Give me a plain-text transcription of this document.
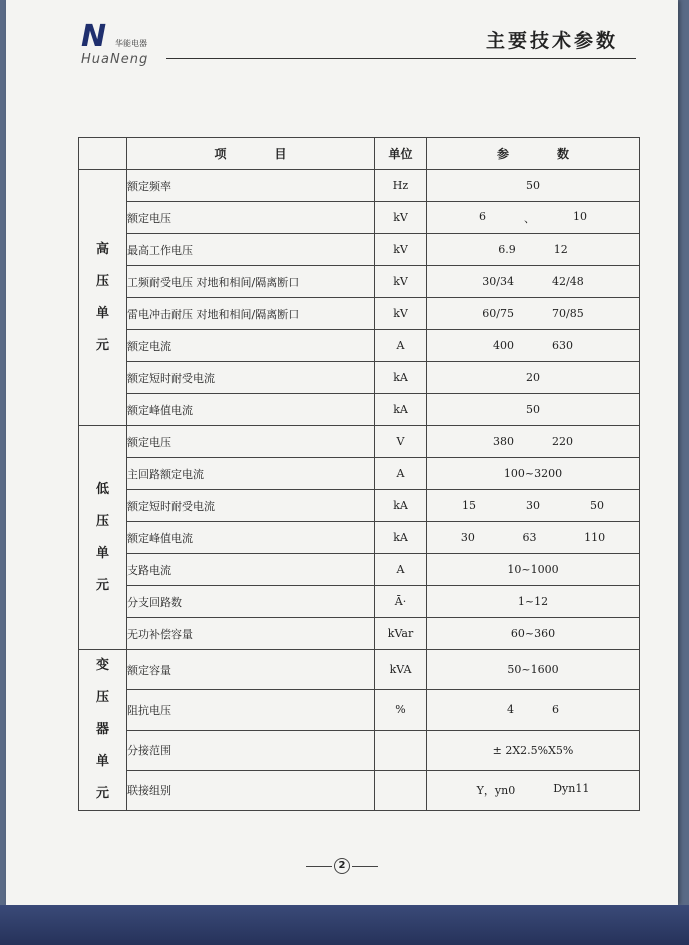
N	华能电器
HuaNeng
主要技术参数
	项　　　　目	单位	参　　　　数

高
压
单
元	额定频率	Hz	50

	额定电压	kV	6 、 10

	最高工作电压	kV	6.9 12

	工频耐受电压 对地和相间/隔离断口	kV	30/34 42/48

	雷电冲击耐压 对地和相间/隔离断口	kV	60/75 70/85

	额定电流	A	400 630

	额定短时耐受电流	kA	20

	额定峰值电流	kA	50

低
压
单
元	额定电压	V	380 220

	主回路额定电流	A	100~3200

	额定短时耐受电流	kA	15 30 50

	额定峰值电流	kA	30 63 110

	支路电流	A	10~1000

	分支回路数	Ā·	1~12

	无功补偿容量	kVar	60~360

变
压
器
单
元	额定容量	kVA	50~1600

	阻抗电压	%	4 6

	分接范围		± 2X2.5%X5%

	联接组别		Y，yn0 Dyn11
2
